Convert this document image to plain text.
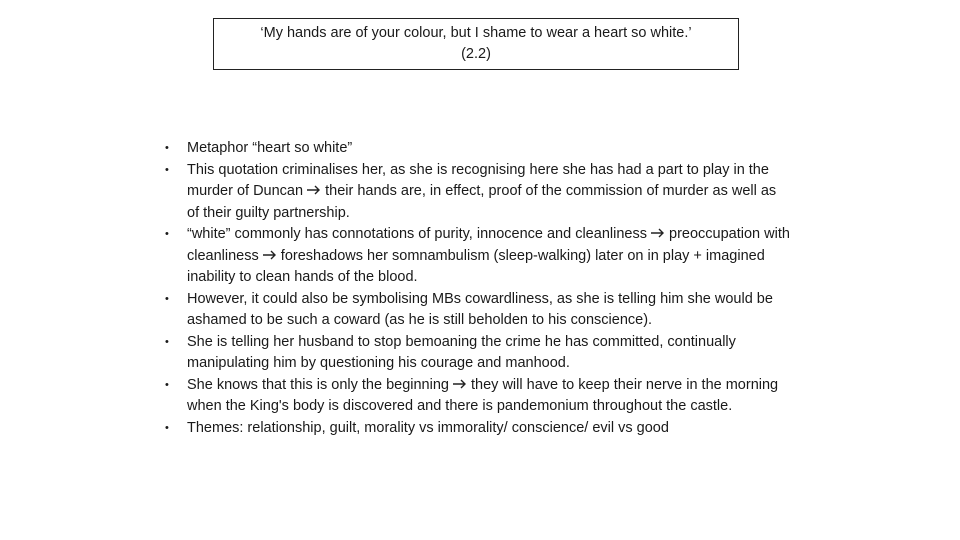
‘My hands are of your colour, but I shame to wear a heart so white.’
(2.2)
•	Metaphor “heart so white”
•	This quotation criminalises her, as she is recognising here she has had a part to play in the murder of Duncan  their hands are, in effect, proof of the commission of murder as well as of their guilty partnership.
•	“white” commonly has connotations of purity, innocence and cleanliness  preoccupation with cleanliness  foreshadows her somnambulism (sleep-walking) later on in play + imagined inability to clean hands of the blood.
•	However, it could also be symbolising MBs cowardliness, as she is telling him she would be ashamed to be such a coward (as he is still beholden to his conscience).
•	She is telling her husband to stop bemoaning the crime he has committed, continually manipulating him by questioning his courage and manhood.
•	She knows that this is only the beginning  they will have to keep their nerve in the morning when the King's body is discovered and there is pandemonium throughout the castle.
•	Themes: relationship, guilt, morality vs immorality/ conscience/ evil vs good
